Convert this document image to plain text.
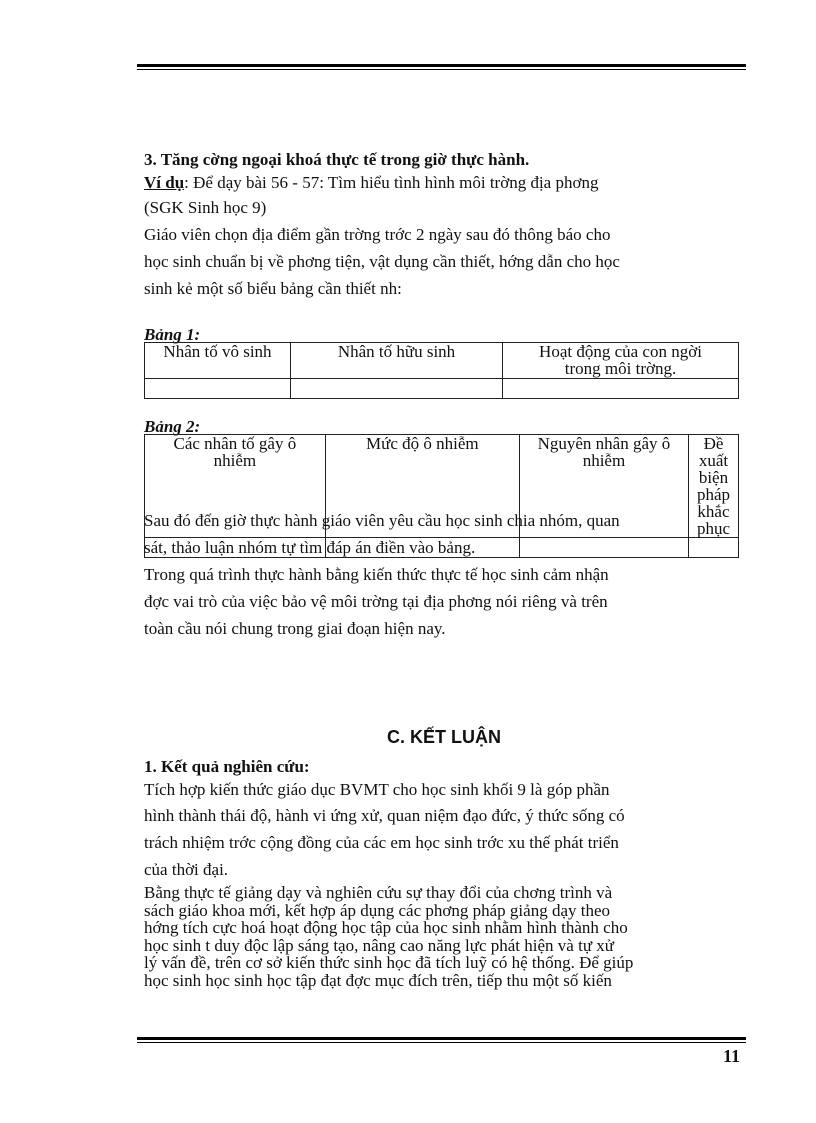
3. Tăng cờng ngoại khoá thực tế trong giờ thực hành.
Ví dụ: Để dạy bài 56 - 57: Tìm hiểu tình hình môi trờng địa phơng
(SGK Sinh học 9)
Giáo viên chọn địa điểm gần trờng trớc 2 ngày sau đó thông báo cho
học sinh chuẩn bị về phơng tiện, vật dụng cần thiết, hớng dẫn cho học
sinh kẻ một số biểu bảng cần thiết nh:
Bảng 1:
Nhân tố vô sinh	Nhân tố hữu sinh	Hoạt động của con ngời trong môi trờng.

Bảng 2:
Các nhân tố gây ô nhiễm	Mức độ ô nhiễm	Nguyên nhân gây ô nhiễm	Đề xuất biện pháp khắc phục

Sau đó đến giờ thực hành giáo viên yêu cầu học sinh chia nhóm, quan
sát, thảo luận nhóm tự tìm đáp án điền vào bảng.
Trong quá trình thực hành bằng kiến thức thực tế học sinh cảm nhận
đợc vai trò của việc bảo vệ môi trờng tại địa phơng nói riêng và trên
toàn cầu nói chung trong giai đoạn hiện nay.
C. KẾT LUẬN
1. Kết quả nghiên cứu:
Tích hợp kiến thức giáo dục BVMT cho học sinh khối 9 là góp phần
hình thành thái độ, hành vi ứng xử, quan niệm đạo đức, ý thức sống có
trách nhiệm trớc cộng đồng của các em học sinh trớc xu thế phát triển
của thời đại.
Bằng thực tế giảng dạy và nghiên cứu sự thay đổi của chơng trình và
sách giáo khoa mới, kết hợp áp dụng các phơng pháp giảng dạy theo
hớng tích cực hoá hoạt động học tập của học sinh nhằm hình thành cho
học sinh t duy độc lập sáng tạo, nâng cao năng lực phát hiện và tự xử
lý vấn đề, trên cơ sở kiến thức sinh học đã tích luỹ có hệ thống. Để giúp
học sinh học sinh học tập đạt đợc mục đích trên, tiếp thu một số kiến
11
